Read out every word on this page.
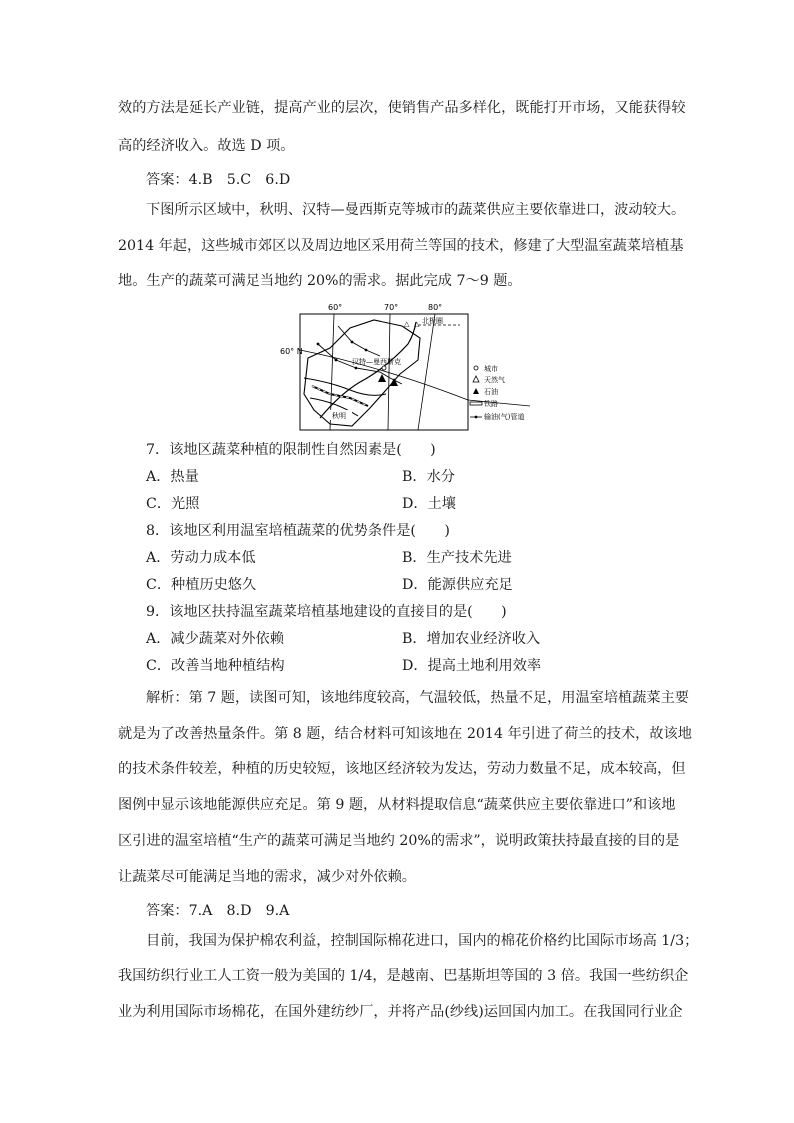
效的方法是延长产业链，提高产业的层次，使销售产品多样化，既能打开市场，又能获得较
高的经济收入。故选 D 项。
答案：4.B　5.C　6.D
下图所示区域中，秋明、汉特—曼西斯克等城市的蔬菜供应主要依靠进口，波动较大。
2014 年起，这些城市郊区以及周边地区采用荷兰等国的技术，修建了大型温室蔬菜培植基
地。生产的蔬菜可满足当地约 20%的需求。据此完成 7～9 题。
60°	70°	80°
60° N
北极圈
△ △
汉特—曼西斯克
秋明
城市
天然气
石油
铁路
输油(气)管道
7．该地区蔬菜种植的限制性自然因素是(　　)
A．热量	B．水分
C．光照	D．土壤
8．该地区利用温室培植蔬菜的优势条件是(　　)
A．劳动力成本低	B．生产技术先进
C．种植历史悠久	D．能源供应充足
9．该地区扶持温室蔬菜培植基地建设的直接目的是(　　)
A．减少蔬菜对外依赖	B．增加农业经济收入
C．改善当地种植结构	D．提高土地利用效率
解析：第 7 题，读图可知，该地纬度较高，气温较低，热量不足，用温室培植蔬菜主要
就是为了改善热量条件。第 8 题，结合材料可知该地在 2014 年引进了荷兰的技术，故该地
的技术条件较差，种植的历史较短，该地区经济较为发达，劳动力数量不足，成本较高，但
图例中显示该地能源供应充足。第 9 题，从材料提取信息“蔬菜供应主要依靠进口”和该地
区引进的温室培植“生产的蔬菜可满足当地约 20%的需求”，说明政策扶持最直接的目的是
让蔬菜尽可能满足当地的需求，减少对外依赖。
答案：7.A　8.D　9.A
目前，我国为保护棉农利益，控制国际棉花进口，国内的棉花价格约比国际市场高 1/3；
我国纺织行业工人工资一般为美国的 1/4，是越南、巴基斯坦等国的 3 倍。我国一些纺织企
业为利用国际市场棉花，在国外建纺纱厂，并将产品(纱线)运回国内加工。在我国同行业企
